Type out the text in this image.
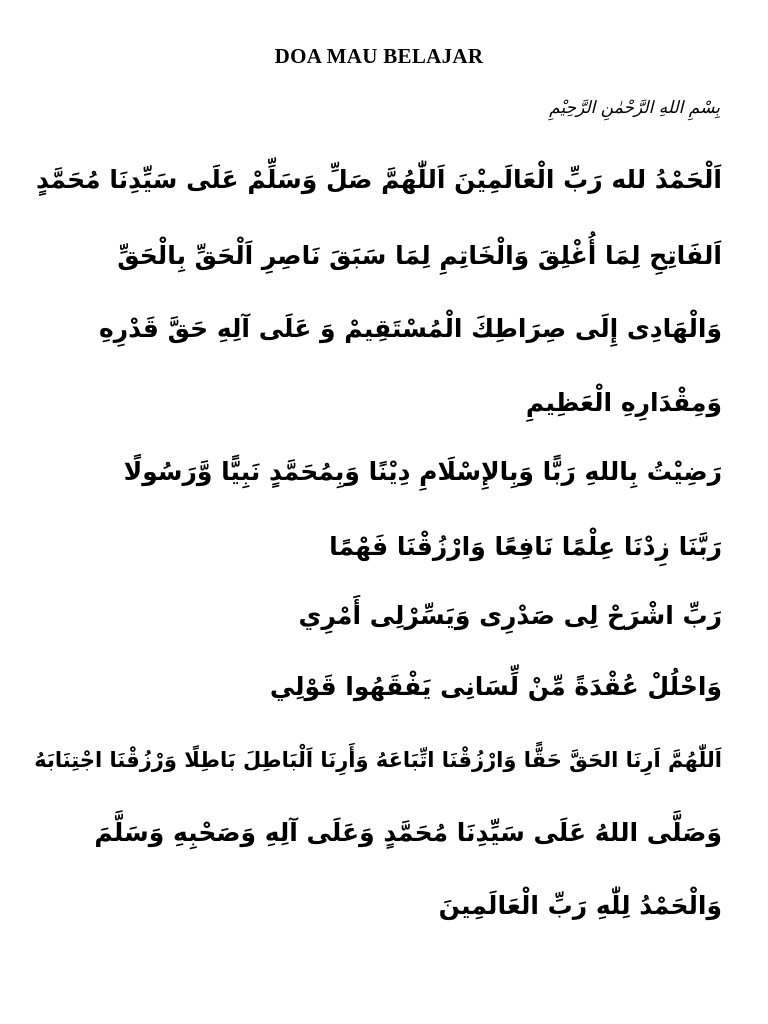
DOA MAU BELAJAR
بِسْمِ اللهِ الرَّحْمٰنِ الرَّحِيْمِ
اَلْحَمْدُ لله رَبِّ الْعَالَمِيْنَ اَللّٰهُمَّ صَلِّ وَسَلِّمْ عَلَى سَيِّدِنَا مُحَمَّدٍ
اَلفَاتِحِ لِمَا أُغْلِقَ وَالْخَاتِمِ لِمَا سَبَقَ نَاصِرِ اَلْحَقِّ بِالْحَقِّ
وَالْهَادِى إِلَى صِرَاطِكَ الْمُسْتَقِيمْ وَ عَلَى آلِهِ حَقَّ قَدْرِهِ
وَمِقْدَارِهِ الْعَظِيمِ
رَضِيْتُ بِاللهِ رَبًّا وَبِالإِسْلَامِ دِيْنًا وَبِمُحَمَّدٍ نَبِيًّا وَّرَسُولًا
رَبَّنَا زِدْنَا عِلْمًا نَافِعًا وَارْزُقْنَا فَهْمًا
رَبِّ اشْرَحْ لِى صَدْرِى وَيَسِّرْلِى أَمْرِي
وَاحْلُلْ عُقْدَةً مِّنْ لِّسَانِى يَفْقَهُوا قَوْلِي
اَللّٰهُمَّ اَرِنَا الحَقَّ حَقًّا وَارْزُقْنَا اتِّبَاعَهُ وَأَرِنَا اَلْبَاطِلَ بَاطِلًا وَرْزُقْنَا اجْتِنَابَهُ
وَصَلَّى اللهُ عَلَى سَيِّدِنَا مُحَمَّدٍ وَعَلَى آلِهِ وَصَحْبِهِ وَسَلَّمَ
وَالْحَمْدُ لِلّٰهِ رَبِّ الْعَالَمِينَ
